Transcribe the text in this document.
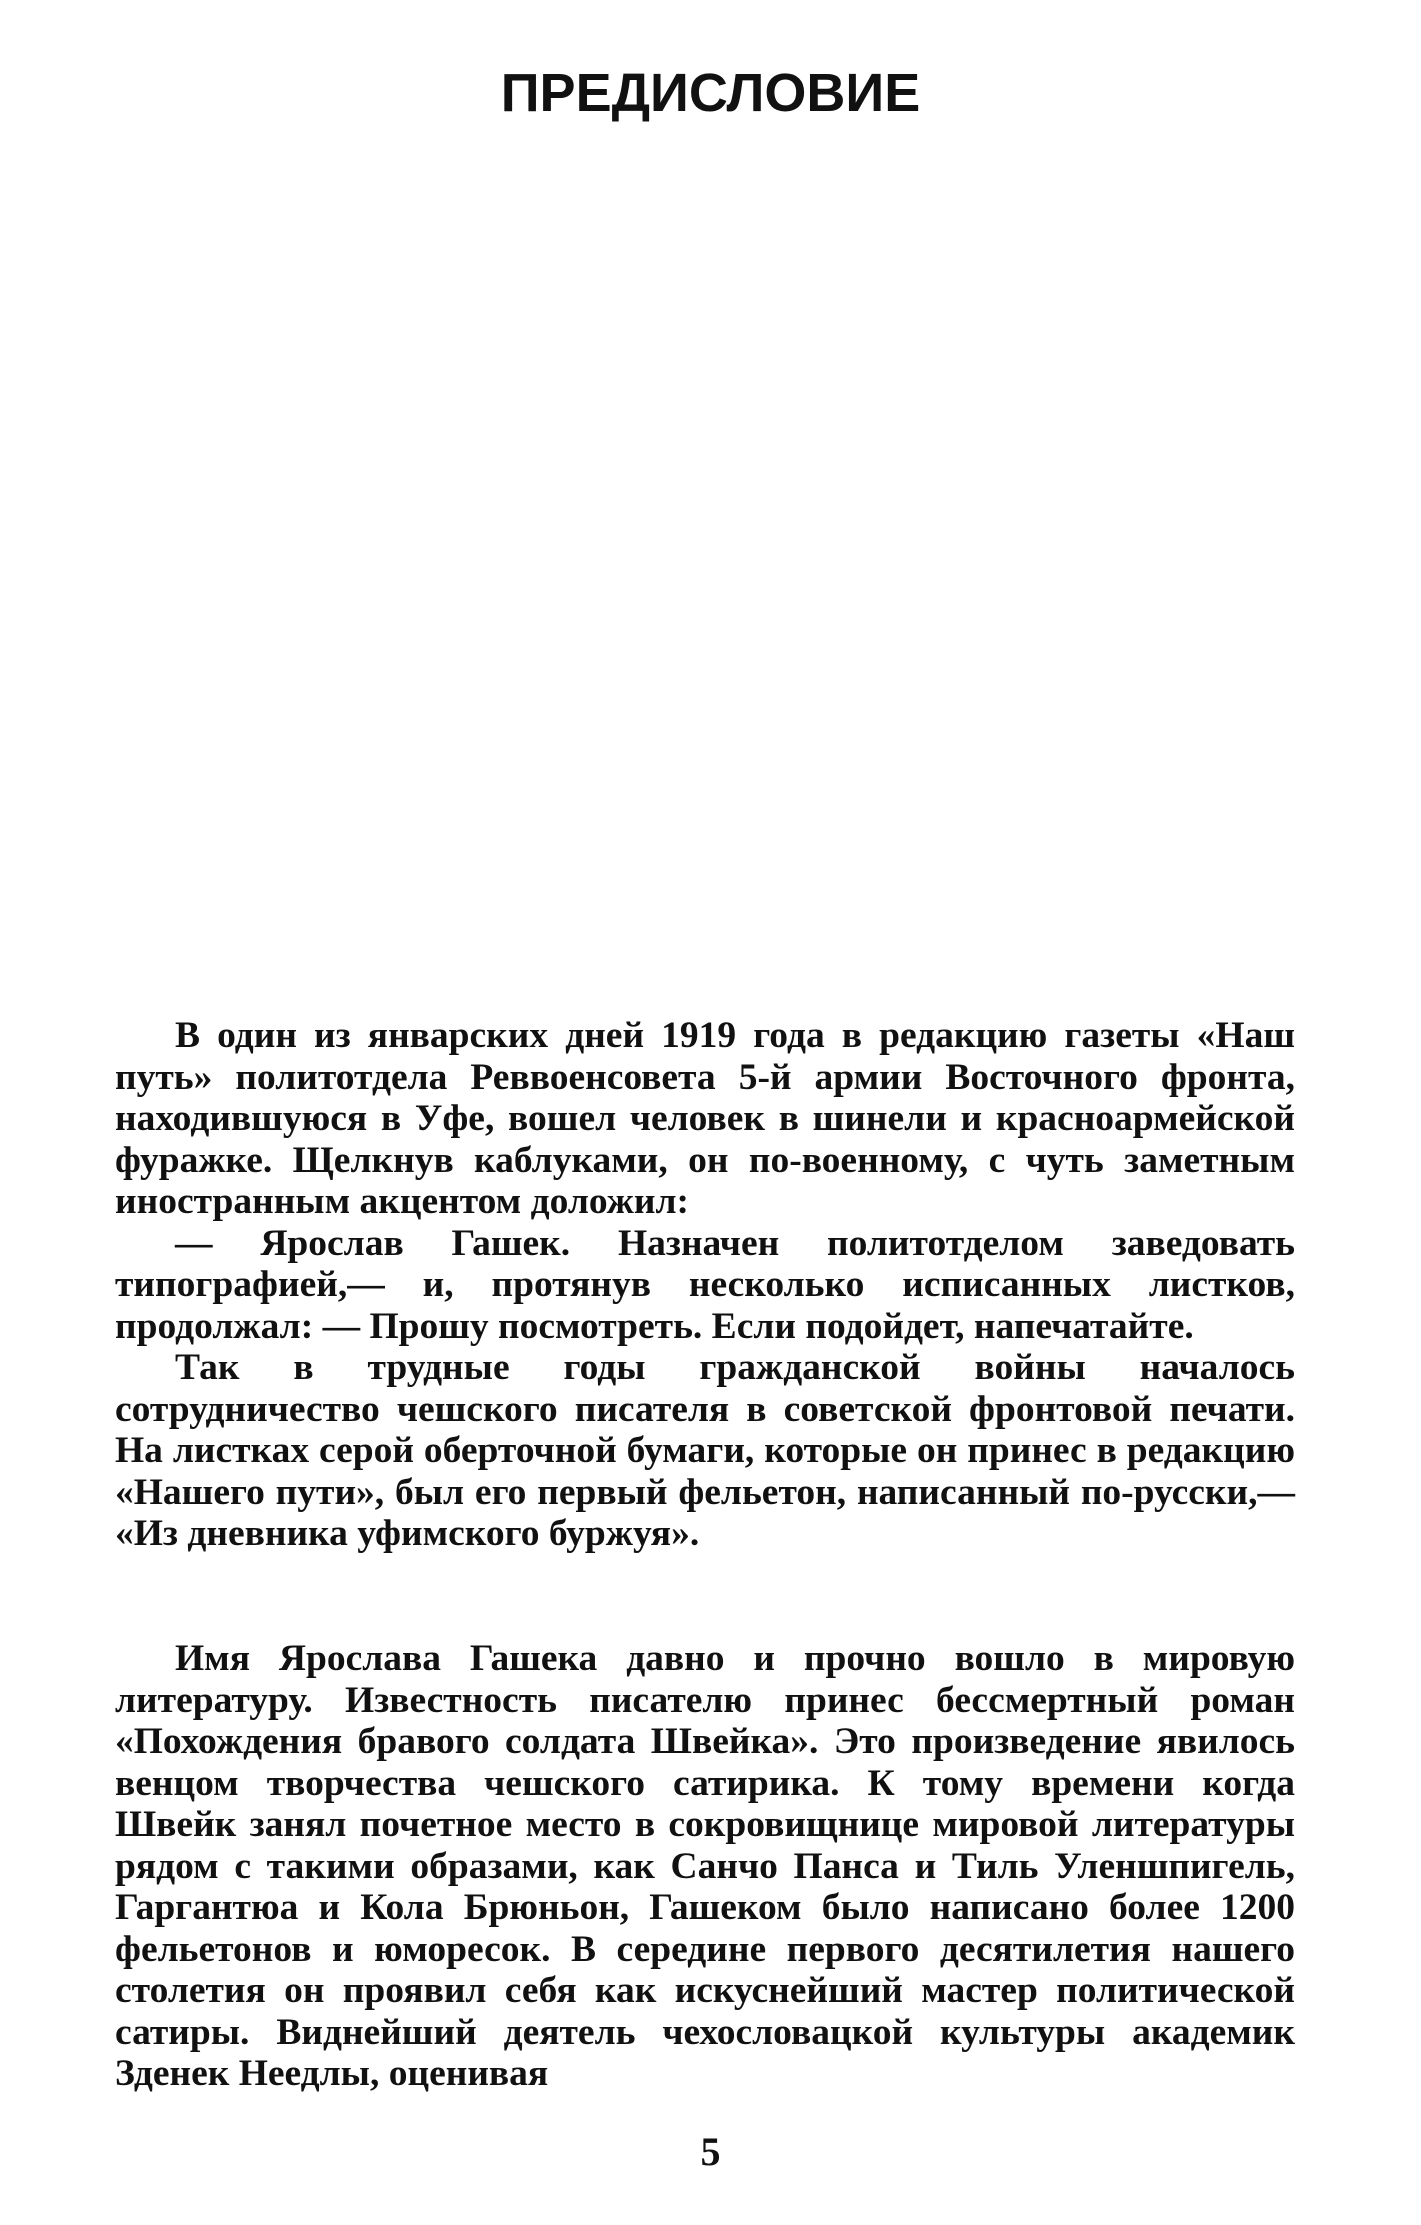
ПРЕДИСЛОВИЕ

В один из январских дней 1919 года в редакцию газеты «Наш путь» политотдела Реввоенсовета 5-й армии Восточного фронта, находившуюся в Уфе, вошел человек в шинели и красноармейской фуражке. Щелкнув каблуками, он по-военному, с чуть заметным иностранным акцентом доложил:

— Ярослав Гашек. Назначен политотделом заведовать типографией,— и, протянув несколько исписанных листков, продолжал: — Прошу посмотреть. Если подойдет, напечатайте.

Так в трудные годы гражданской войны началось сотрудничество чешского писателя в советской фронтовой печати. На листках серой оберточной бумаги, которые он принес в редакцию «Нашего пути», был его первый фельетон, написанный по-русски,— «Из дневника уфимского буржуя».

Имя Ярослава Гашека давно и прочно вошло в мировую литературу. Известность писателю принес бессмертный роман «Похождения бравого солдата Швейка». Это произведение явилось венцом творчества чешского сатирика. К тому времени когда Швейк занял почетное место в сокровищнице мировой литературы рядом с такими образами, как Санчо Панса и Тиль Уленшпигель, Гаргантюа и Кола Брюньон, Гашеком было написано более 1200 фельетонов и юморесок. В середине первого десятилетия нашего столетия он проявил себя как искуснейший мастер политической сатиры. Виднейший деятель чехословацкой культуры академик Зденек Неедлы, оценивая

5
